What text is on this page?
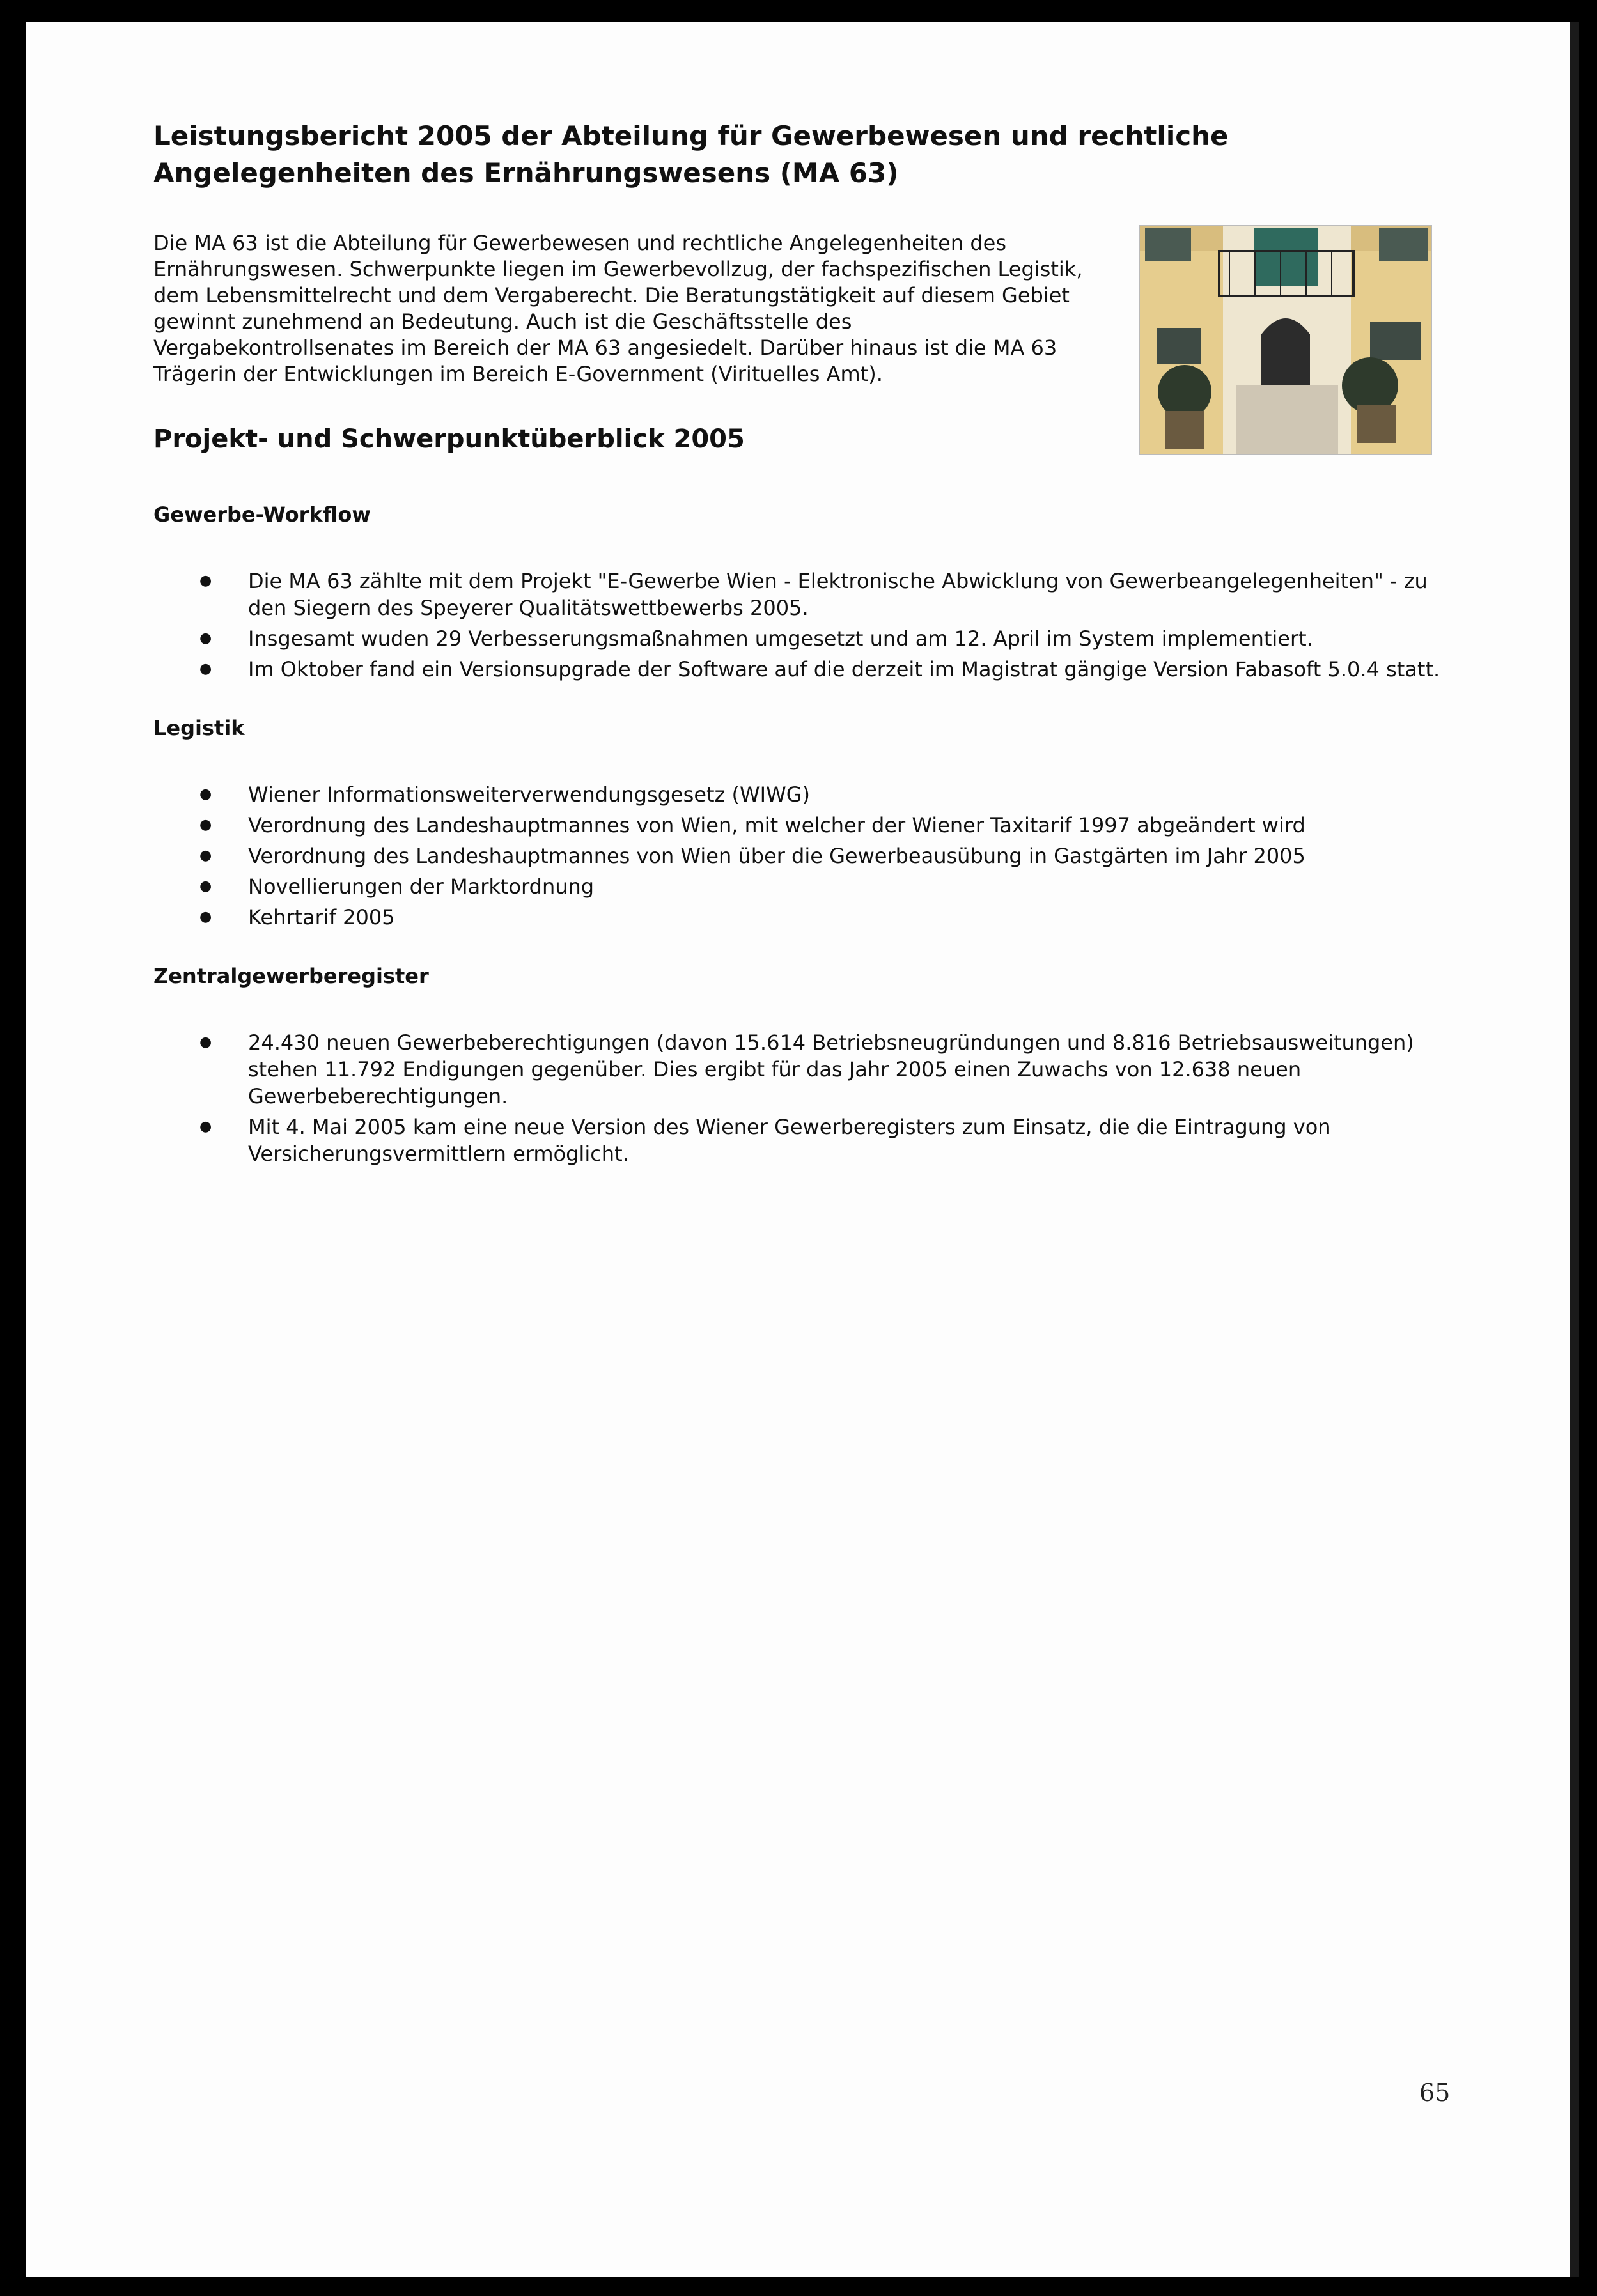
Leistungsbericht 2005 der Abteilung für Gewerbewesen und rechtliche Angelegenheiten des Ernährungswesens (MA 63)

Die MA 63 ist die Abteilung für Gewerbewesen und rechtliche Angelegenheiten des Ernährungswesen. Schwerpunkte liegen im Gewerbevollzug, der fachspezifischen Legistik, dem Lebensmittelrecht und dem Vergaberecht. Die Beratungstätigkeit auf diesem Gebiet gewinnt zunehmend an Bedeutung. Auch ist die Geschäftsstelle des Vergabekontrollsenates im Bereich der MA 63 angesiedelt. Darüber hinaus ist die MA 63 Trägerin der Entwicklungen im Bereich E-Government (Virituelles Amt).

Projekt- und Schwerpunktüberblick 2005
Gewerbe-Workflow
● Die MA 63 zählte mit dem Projekt "E-Gewerbe Wien - Elektronische Abwicklung von Gewerbeangelegenheiten" - zu den Siegern des Speyerer Qualitätswettbewerbs 2005.
● Insgesamt wuden 29 Verbesserungsmaßnahmen umgesetzt und am 12. April im System implementiert.
● Im Oktober fand ein Versionsupgrade der Software auf die derzeit im Magistrat gängige Version Fabasoft 5.0.4 statt.
Legistik
● Wiener Informationsweiterverwendungsgesetz (WIWG)
● Verordnung des Landeshauptmannes von Wien, mit welcher der Wiener Taxitarif 1997 abgeändert wird
● Verordnung des Landeshauptmannes von Wien über die Gewerbeausübung in Gastgärten im Jahr 2005
● Novellierungen der Marktordnung
● Kehrtarif 2005
Zentralgewerberegister
● 24.430 neuen Gewerbeberechtigungen (davon 15.614 Betriebsneugründungen und 8.816 Betriebsausweitungen) stehen 11.792 Endigungen gegenüber. Dies ergibt für das Jahr 2005 einen Zuwachs von 12.638 neuen Gewerbeberechtigungen.
● Mit 4. Mai 2005 kam eine neue Version des Wiener Gewerberegisters zum Einsatz, die die Eintragung von Versicherungsvermittlern ermöglicht.
65
